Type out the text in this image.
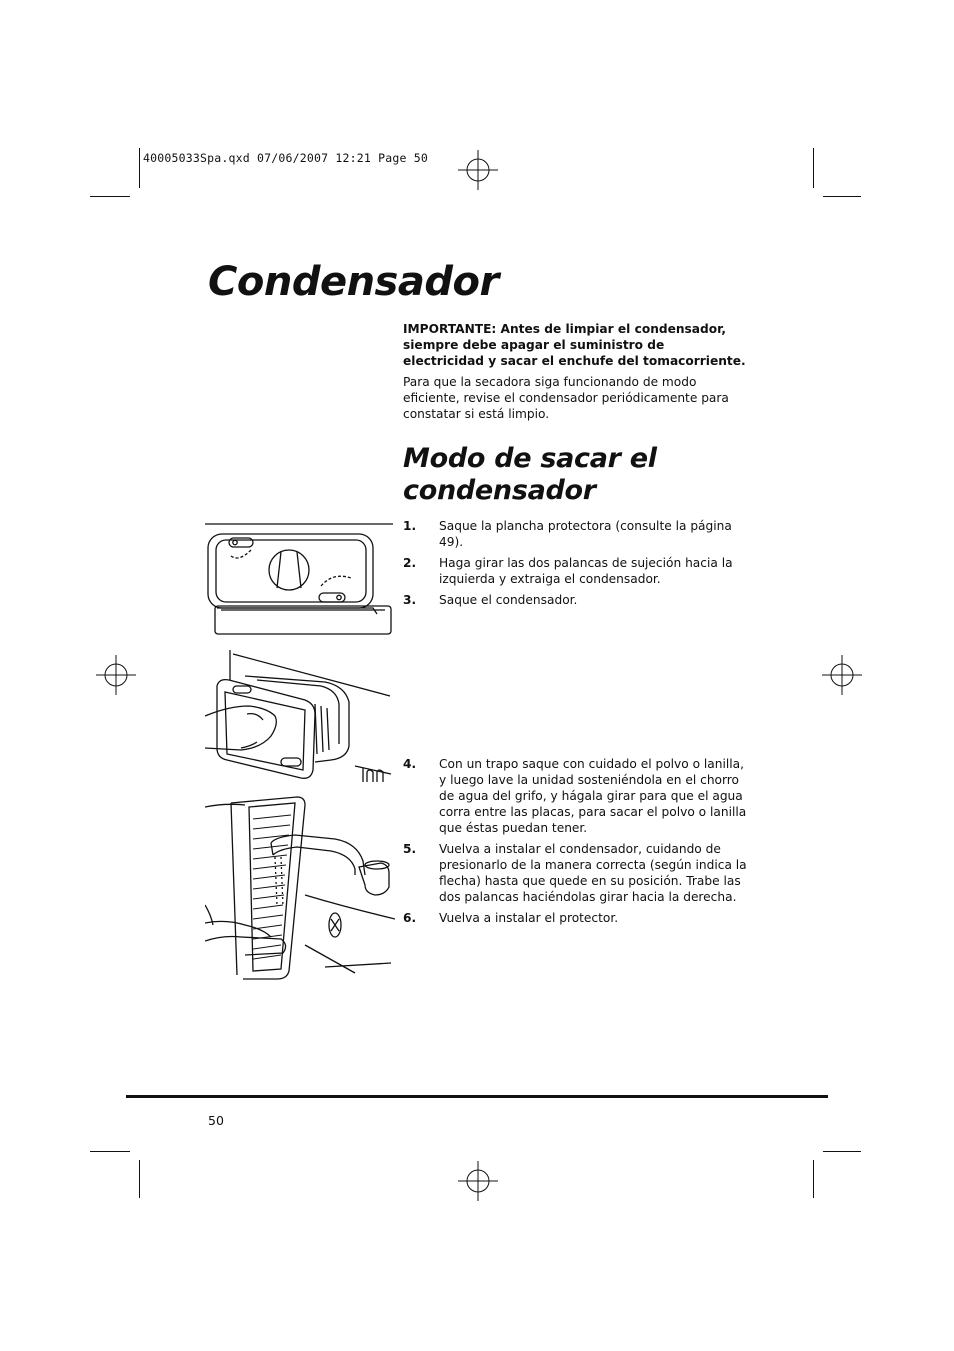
40005033Spa.qxd 07/06/2007 12:21 Page 50
Condensador

IMPORTANTE: Antes de limpiar el condensador, siempre debe apagar el suministro de electricidad y sacar el enchufe del tomacorriente.

Para que la secadora siga funcionando de modo eficiente, revise el condensador periódicamente para constatar si está limpio.

Modo de sacar el condensador
1.	Saque la plancha protectora (consulte la página 49).
2.	Haga girar las dos palancas de sujeción hacia la izquierda y extraiga el condensador.
3.	Saque el condensador.
4.	Con un trapo saque con cuidado el polvo o lanilla, y luego lave la unidad sosteniéndola en el chorro de agua del grifo, y hágala girar para que el agua corra entre las placas, para sacar el polvo o lanilla que éstas puedan tener.
5.	Vuelva a instalar el condensador, cuidando de presionarlo de la manera correcta (según indica la flecha) hasta que quede en su posición. Trabe las dos palancas haciéndolas girar hacia la derecha.
6.	Vuelva a instalar el protector.
50
